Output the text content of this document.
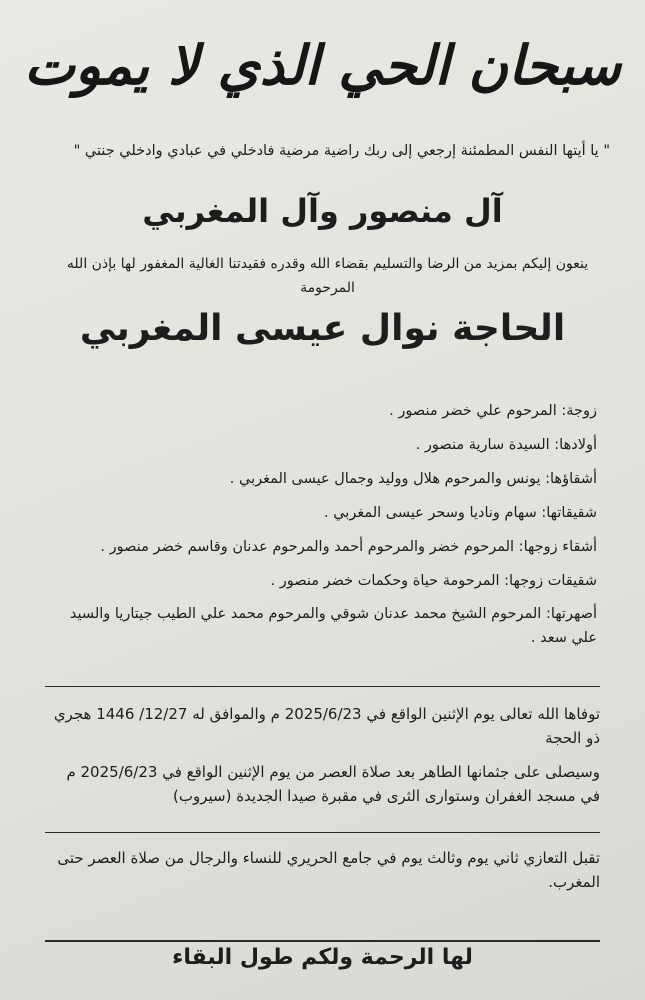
سبحان الحي الذي لا يموت
" يا أيتها النفس المطمئنة إرجعي إلى ربك راضية مرضية فادخلي في عبادي وادخلي جنتي "
آل منصور وآل المغربي
ينعون إليكم بمزيد من الرضا والتسليم بقضاء الله وقدره فقيدتنا الغالية المغفور لها بإذن الله المرحومة
الحاجة نوال عيسى المغربي
زوجة: المرحوم علي خضر منصور .
أولادها: السيدة سارية منصور .
أشقاؤها: يونس والمرحوم هلال ووليد وجمال عيسى المغربي .
شقيقاتها: سهام وناديا وسحر عيسى المغربي .
أشقاء زوجها: المرحوم خضر والمرحوم أحمد والمرحوم عدنان وقاسم خضر منصور .
شقيقات زوجها: المرحومة حياة وحكمات خضر منصور .
أصهرتها: المرحوم الشيخ محمد عدنان شوقي والمرحوم محمد علي الطيب جيتاريا والسيد علي سعد .
توفاها الله تعالى يوم الإثنين الواقع في 2025/6/23 م والموافق له 12/27/ 1446 هجري ذو الحجة
وسيصلى على جثمانها الطاهر بعد صلاة العصر من يوم الإثنين الواقع في 2025/6/23 م في مسجد الغفران وستوارى الثرى في مقبرة صيدا الجديدة (سيروب)
تقبل التعازي ثاني يوم وثالث يوم في جامع الحريري للنساء والرجال من صلاة العصر حتى المغرب.
لها الرحمة ولكم طول البقاء
